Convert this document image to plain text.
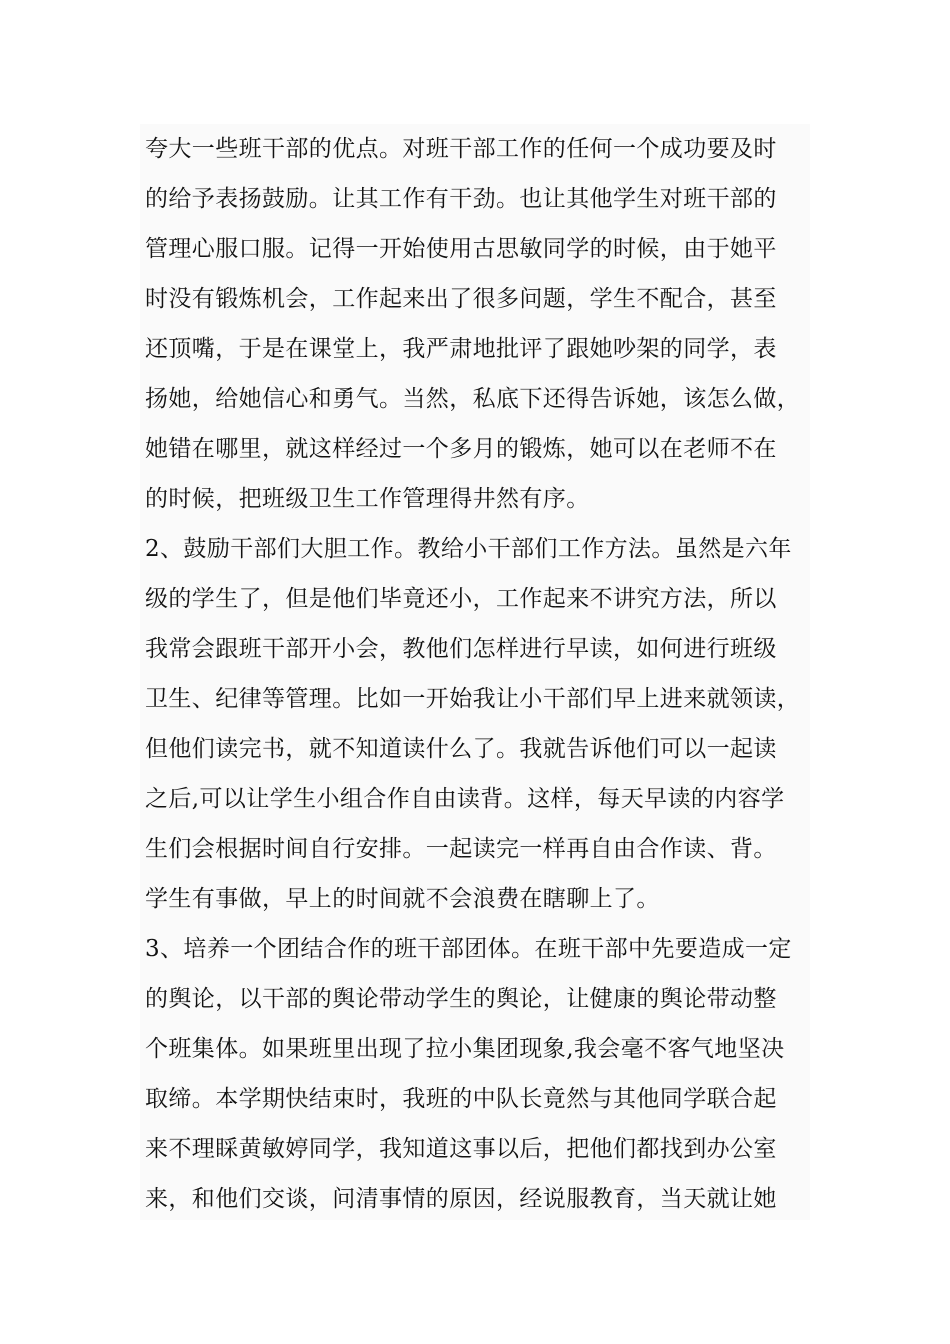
夸大一些班干部的优点。对班干部工作的任何一个成功要及时

的给予表扬鼓励。让其工作有干劲。也让其他学生对班干部的

管理心服口服。记得一开始使用古思敏同学的时候，由于她平

时没有锻炼机会，工作起来出了很多问题，学生不配合，甚至

还顶嘴，于是在课堂上，我严肃地批评了跟她吵架的同学，表

扬她，给她信心和勇气。当然，私底下还得告诉她，该怎么做，

她错在哪里，就这样经过一个多月的锻炼，她可以在老师不在

的时候，把班级卫生工作管理得井然有序。

2、鼓励干部们大胆工作。教给小干部们工作方法。虽然是六年

级的学生了，但是他们毕竟还小，工作起来不讲究方法，所以

我常会跟班干部开小会，教他们怎样进行早读，如何进行班级

卫生、纪律等管理。比如一开始我让小干部们早上进来就领读，

但他们读完书，就不知道读什么了。我就告诉他们可以一起读

之后,可以让学生小组合作自由读背。这样，每天早读的内容学

生们会根据时间自行安排。一起读完一样再自由合作读、背。

学生有事做，早上的时间就不会浪费在瞎聊上了。

3、培养一个团结合作的班干部团体。在班干部中先要造成一定

的舆论，以干部的舆论带动学生的舆论，让健康的舆论带动整

个班集体。如果班里出现了拉小集团现象,我会毫不客气地坚决

取缔。本学期快结束时，我班的中队长竟然与其他同学联合起

来不理睬黄敏婷同学，我知道这事以后，把他们都找到办公室

来，和他们交谈，问清事情的原因，经说服教育，当天就让她
